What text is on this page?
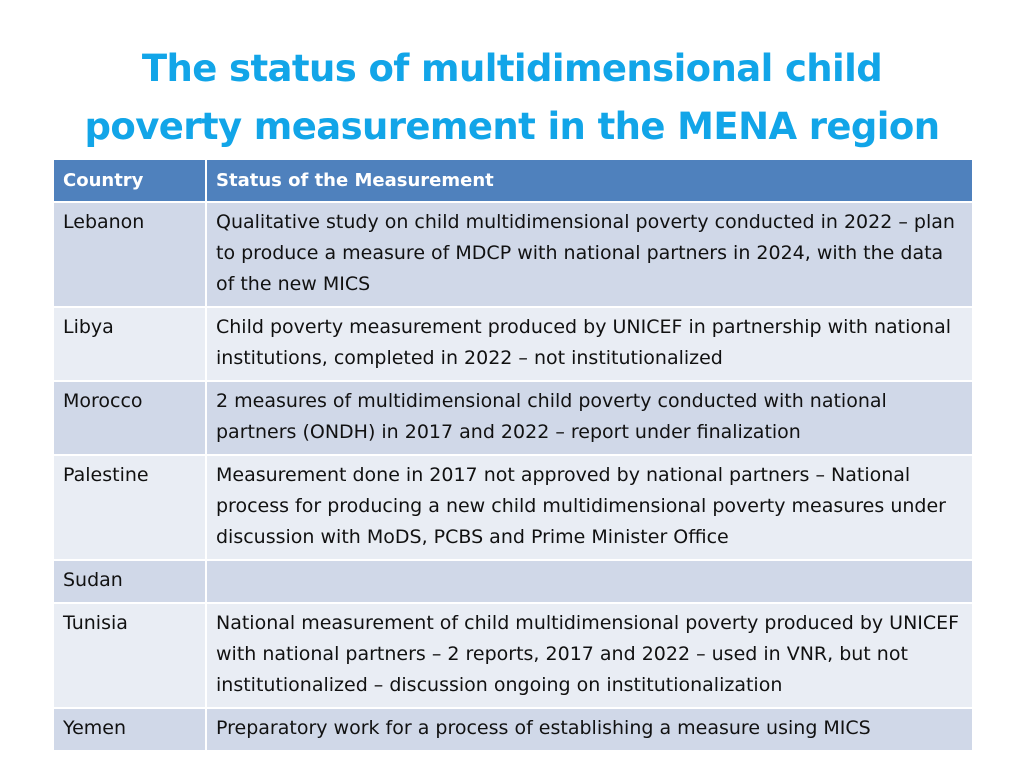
The status of multidimensional child
poverty measurement in the MENA region
Country	Status of the Measurement
Lebanon	Qualitative study on child multidimensional poverty conducted in 2022 – plan to produce a measure of MDCP with national partners in 2024, with the data of the new MICS
Libya	Child poverty measurement produced by UNICEF in partnership with national institutions, completed in 2022 – not institutionalized
Morocco	2 measures of multidimensional child poverty conducted with national partners (ONDH) in 2017 and 2022 – report under finalization
Palestine	Measurement done in 2017 not approved by national partners – National process for producing a new child multidimensional poverty measures under discussion with MoDS, PCBS and Prime Minister Office
Sudan	
Tunisia	National measurement of child multidimensional poverty produced by UNICEF with national partners – 2 reports, 2017 and 2022 – used in VNR, but not institutionalized – discussion ongoing on institutionalization
Yemen	Preparatory work for a process of establishing a measure using MICS
